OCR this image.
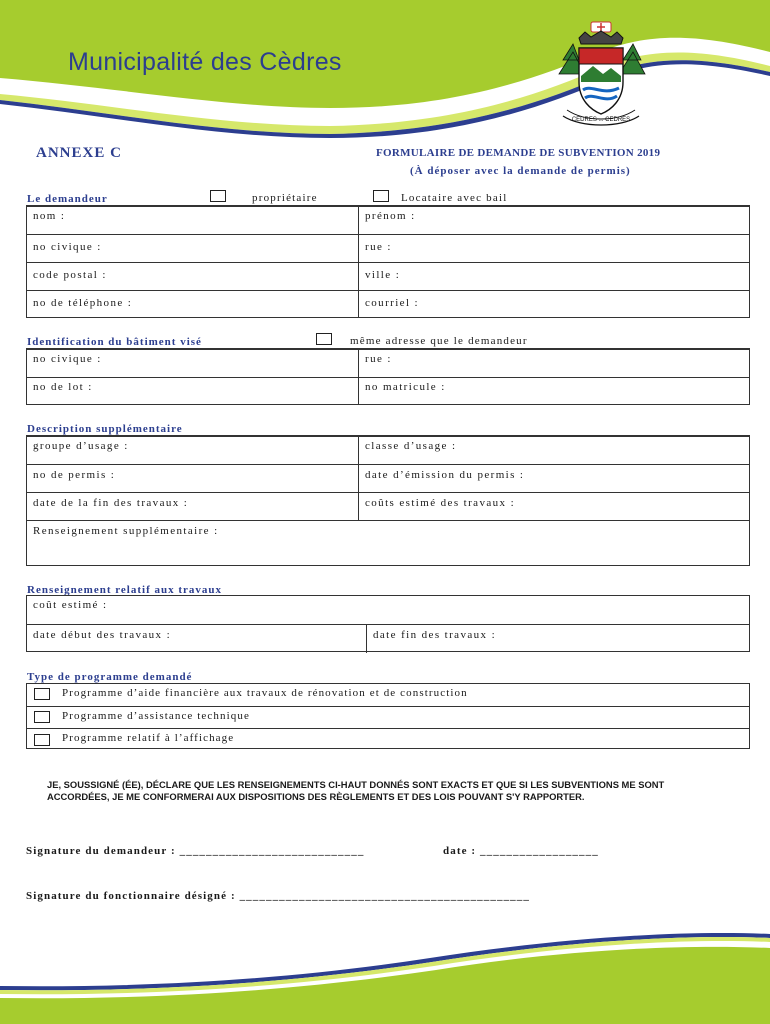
Municipalité des Cèdres
CEDRES ... CEDRES
ANNEXE C	FORMULAIRE DE DEMANDE DE SUBVENTION 2019
(À déposer avec la demande de permis)
Le demandeur	propriétaire	Locataire avec bail
nom :	prénom :
no civique :	rue :
code postal :	ville :
no de téléphone :	courriel :
Identification du bâtiment visé	même adresse que le demandeur
no civique :	rue :
no de lot :	no matricule :
Description supplémentaire
groupe d’usage :	classe d’usage :
no de permis :	date d’émission du permis :
date de la fin des travaux :	coûts estimé des travaux :
Renseignement supplémentaire :
Renseignement relatif aux travaux
coût estimé :
date début des travaux :	date fin des travaux :
Type de programme demandé
Programme d’aide financière aux travaux de rénovation et de construction
Programme d’assistance technique
Programme relatif à l’affichage
JE, SOUSSIGNÉ (ÉE), DÉCLARE QUE LES RENSEIGNEMENTS CI-HAUT DONNÉS SONT EXACTS ET QUE SI LES SUBVENTIONS ME SONT ACCORDÉES, JE ME CONFORMERAI AUX DISPOSITIONS DES RÈGLEMENTS ET DES LOIS POUVANT S'Y RAPPORTER.
Signature du demandeur : ____________________________	date : __________________
Signature du fonctionnaire désigné : ____________________________________________
